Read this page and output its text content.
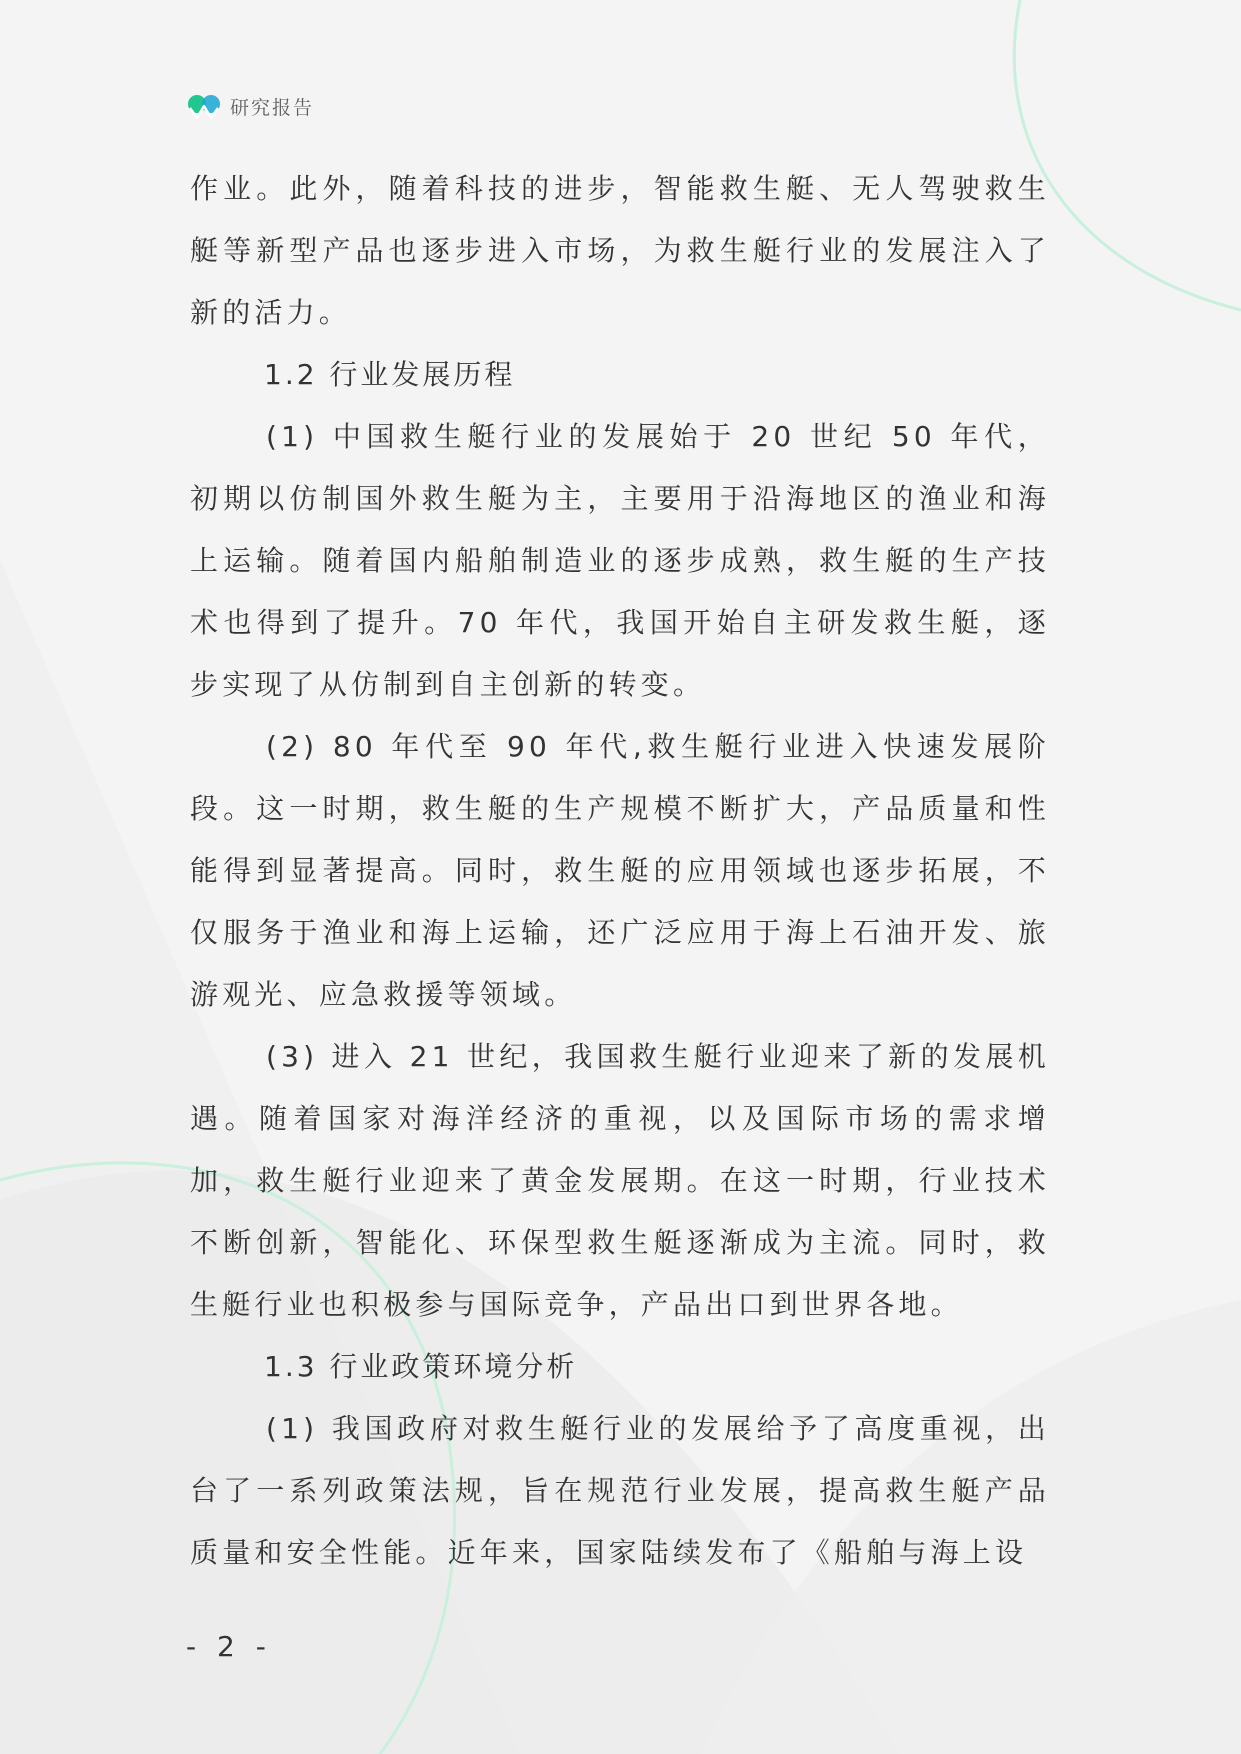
研究报告

作业。此外，随着科技的进步，智能救生艇、无人驾驶救生艇等新型产品也逐步进入市场，为救生艇行业的发展注入了新的活力。

1.2 行业发展历程

(1) 中国救生艇行业的发展始于 20 世纪 50 年代，初期以仿制国外救生艇为主，主要用于沿海地区的渔业和海上运输。随着国内船舶制造业的逐步成熟，救生艇的生产技术也得到了提升。70 年代，我国开始自主研发救生艇，逐步实现了从仿制到自主创新的转变。

(2) 80 年代至 90 年代,救生艇行业进入快速发展阶段。这一时期，救生艇的生产规模不断扩大，产品质量和性能得到显著提高。同时，救生艇的应用领域也逐步拓展，不仅服务于渔业和海上运输，还广泛应用于海上石油开发、旅游观光、应急救援等领域。

(3) 进入 21 世纪，我国救生艇行业迎来了新的发展机遇。随着国家对海洋经济的重视，以及国际市场的需求增加，救生艇行业迎来了黄金发展期。在这一时期，行业技术不断创新，智能化、环保型救生艇逐渐成为主流。同时，救生艇行业也积极参与国际竞争，产品出口到世界各地。

1.3 行业政策环境分析

(1) 我国政府对救生艇行业的发展给予了高度重视，出台了一系列政策法规，旨在规范行业发展，提高救生艇产品质量和安全性能。近年来，国家陆续发布了《船舶与海上设

- 2 -
